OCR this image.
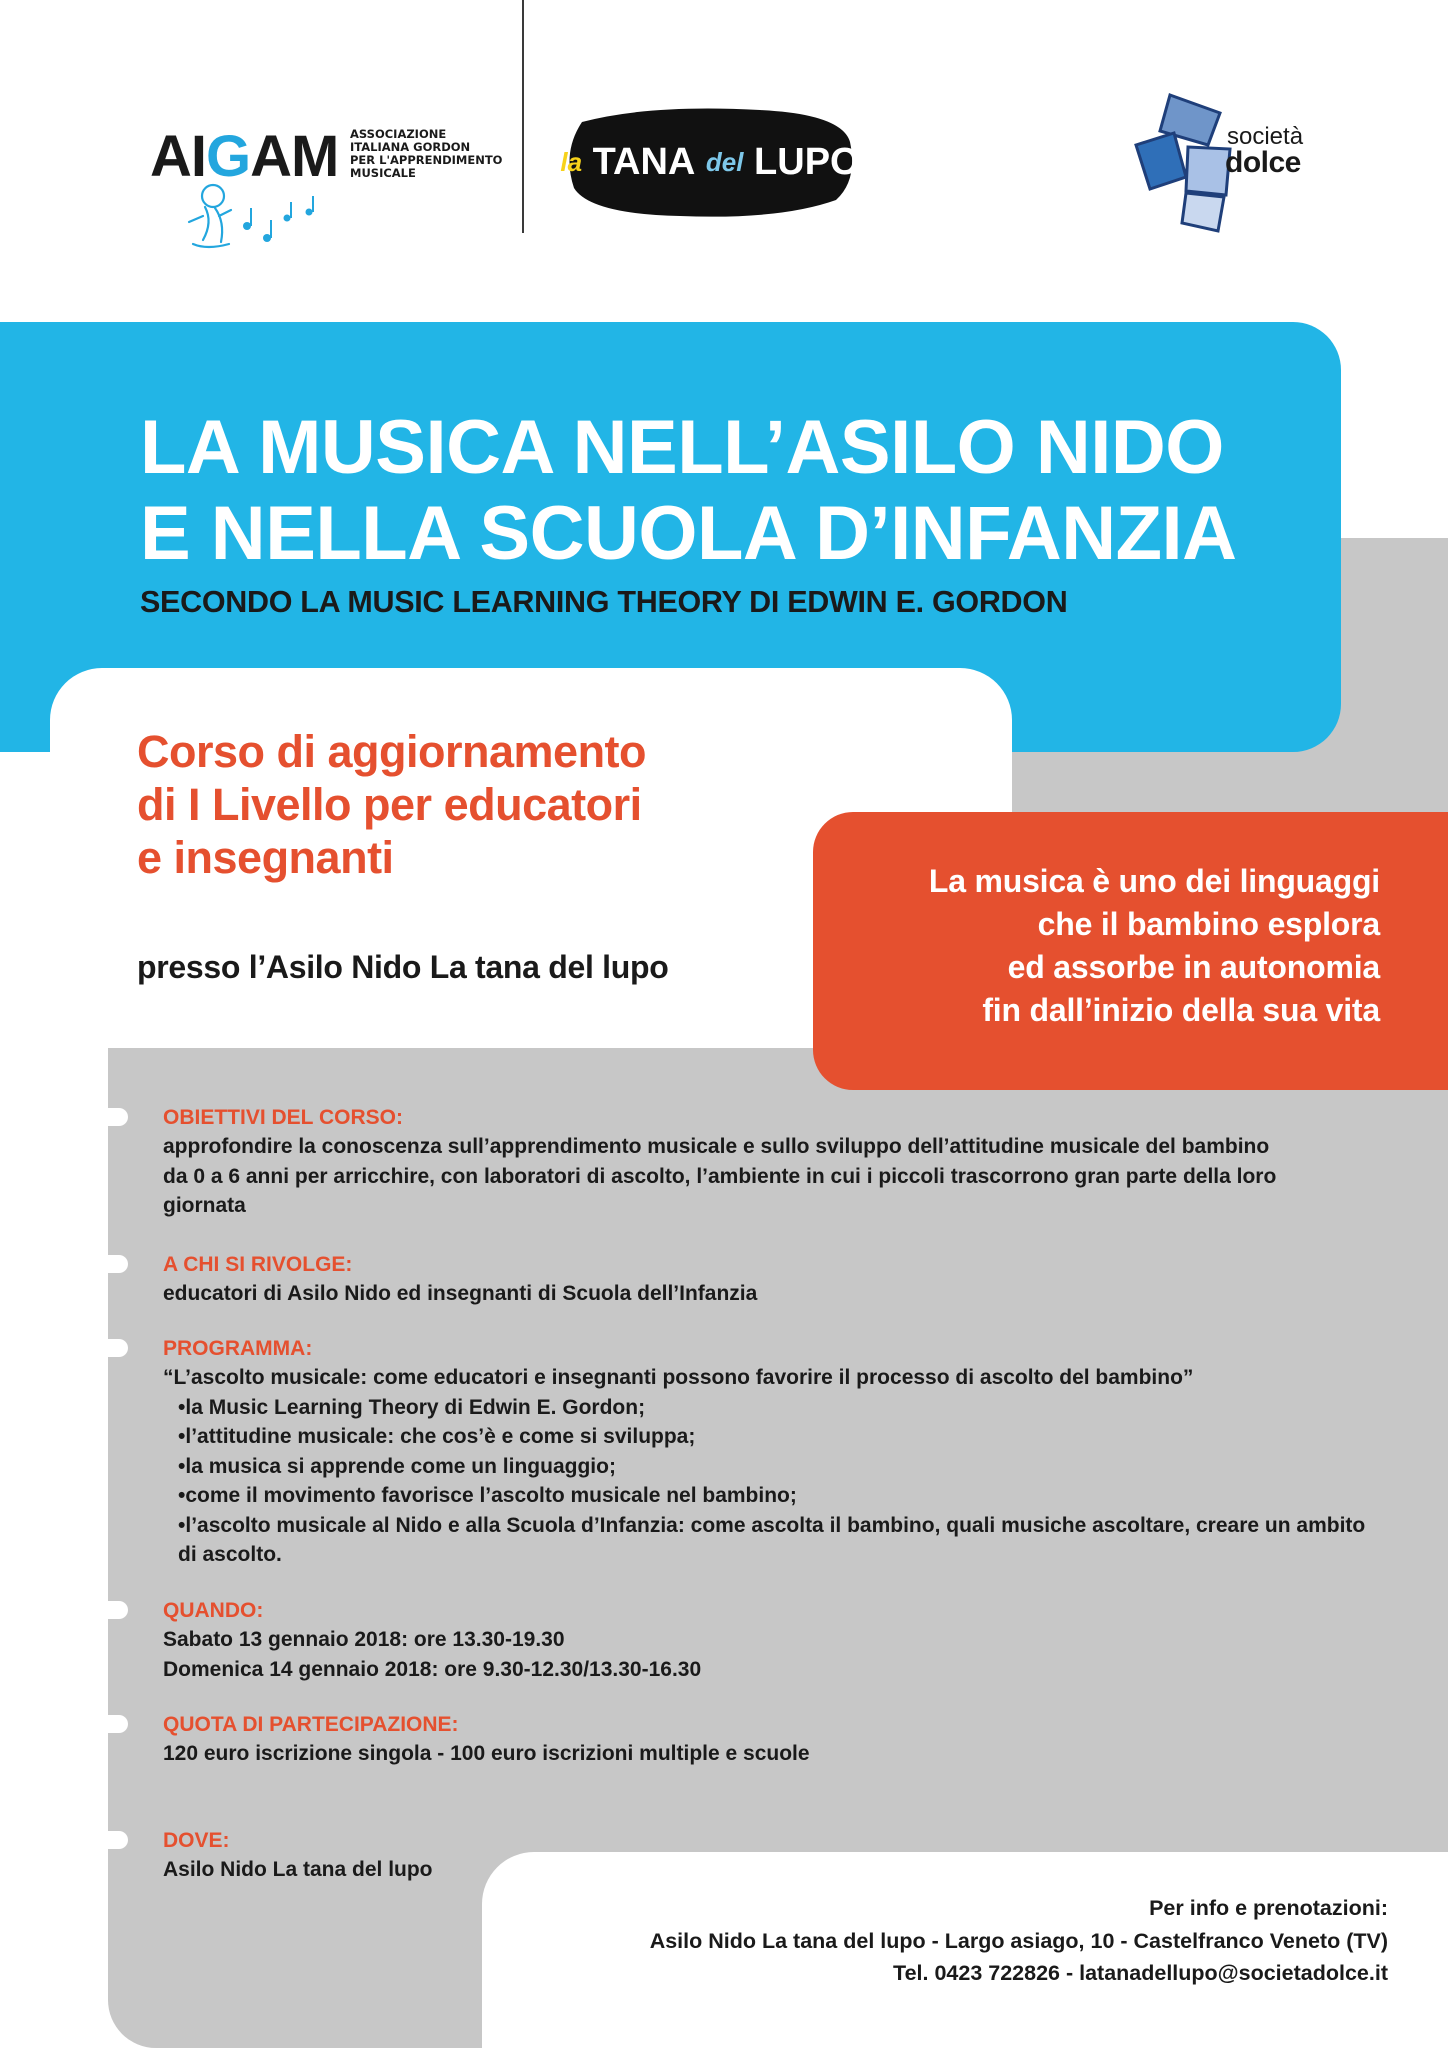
AIGAM ASSOCIAZIONE
ITALIANA GORDON
PER L'APPRENDIMENTO
MUSICALE	la
TANA
del
LUPO
società
dolce
LA MUSICA NELL’ASILO NIDO
E NELLA SCUOLA D’INFANZIA
SECONDO LA MUSIC LEARNING THEORY DI EDWIN E. GORDON
Corso di aggiornamento
di I Livello per educatori
e insegnanti
presso l’Asilo Nido La tana del lupo
La musica è uno dei linguaggi
che il bambino esplora
ed assorbe in autonomia
fin dall’inizio della sua vita
OBIETTIVI DEL CORSO:
approfondire la conoscenza sull’apprendimento musicale e sullo sviluppo dell’attitudine musicale del bambino
da 0 a 6 anni per arricchire, con laboratori di ascolto, l’ambiente in cui i piccoli trascorrono gran parte della loro
giornata
A CHI SI RIVOLGE:
educatori di Asilo Nido ed insegnanti di Scuola dell’Infanzia
PROGRAMMA:
“L’ascolto musicale: come educatori e insegnanti possono favorire il processo di ascolto del bambino”
• la Music Learning Theory di Edwin E. Gordon;
• l’attitudine musicale: che cos’è e come si sviluppa;
• la musica si apprende come un linguaggio;
• come il movimento favorisce l’ascolto musicale nel bambino;
• l’ascolto musicale al Nido e alla Scuola d’Infanzia: come ascolta il bambino, quali musiche ascoltare, creare un ambito di ascolto.
QUANDO:
Sabato 13 gennaio 2018: ore 13.30-19.30
Domenica 14 gennaio 2018: ore 9.30-12.30/13.30-16.30
QUOTA DI PARTECIPAZIONE:
120 euro iscrizione singola - 100 euro iscrizioni multiple e scuole
DOVE:
Asilo Nido La tana del lupo
Per info e prenotazioni:
Asilo Nido La tana del lupo - Largo asiago, 10 - Castelfranco Veneto (TV)
Tel. 0423 722826 - latanadellupo@societadolce.it
